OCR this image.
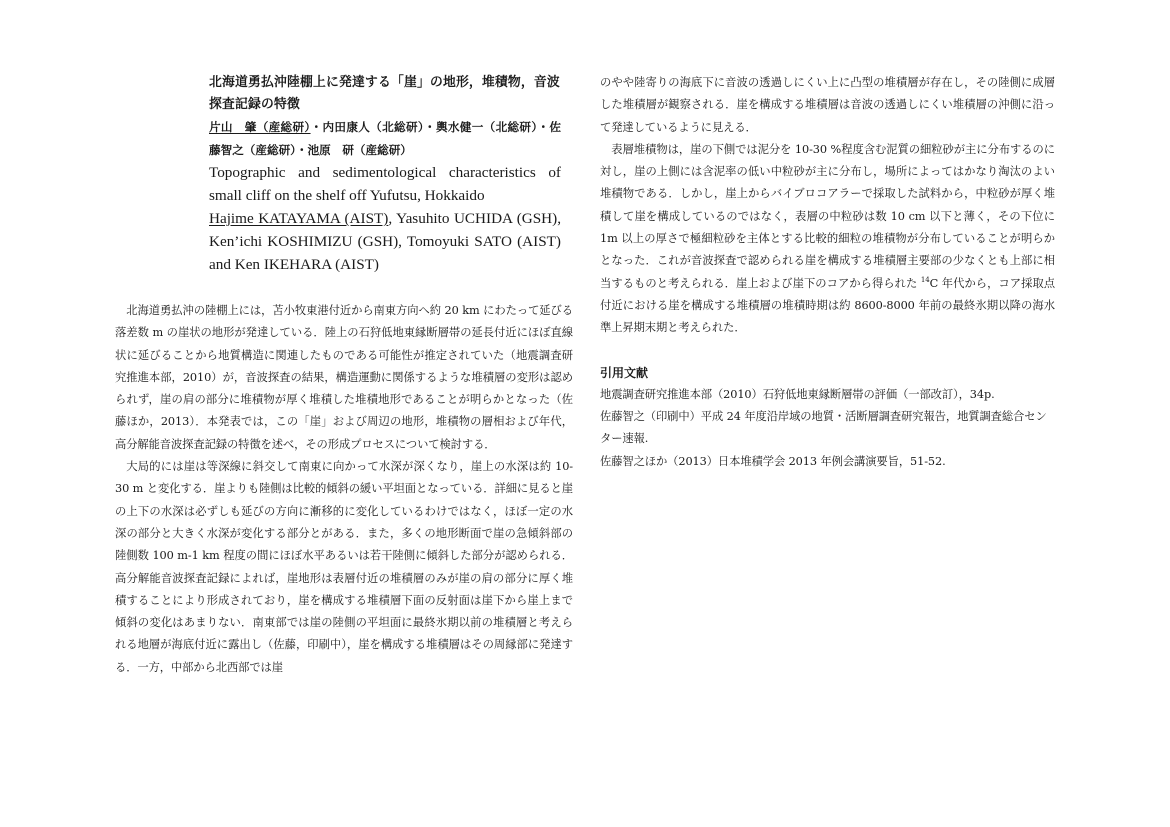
北海道勇払沖陸棚上に発達する「崖」の地形，堆積物，音波探査記録の特徴

片山　肇（産総研）・内田康人（北総研）・輿水健一（北総研）・佐藤智之（産総研）・池原　研（産総研）

Topographic and sedimentological characteristics of small cliff on the shelf off Yufutsu, Hokkaido

Hajime KATAYAMA (AIST), Yasuhito UCHIDA (GSH), Ken’ichi KOSHIMIZU (GSH), Tomoyuki SATO (AIST) and Ken IKEHARA (AIST)

北海道勇払沖の陸棚上には，苫小牧東港付近から南東方向へ約 20 km にわたって延びる落差数 m の崖状の地形が発達している．陸上の石狩低地東縁断層帯の延長付近にほぼ直線状に延びることから地質構造に関連したものである可能性が推定されていた（地震調査研究推進本部，2010）が，音波探査の結果，構造運動に関係するような堆積層の変形は認められず，崖の肩の部分に堆積物が厚く堆積した堆積地形であることが明らかとなった（佐藤ほか，2013）．本発表では，この「崖」および周辺の地形，堆積物の層相および年代，高分解能音波探査記録の特徴を述べ，その形成プロセスについて検討する．

大局的には崖は等深線に斜交して南東に向かって水深が深くなり，崖上の水深は約 10-30 m と変化する．崖よりも陸側は比較的傾斜の緩い平坦面となっている．詳細に見ると崖の上下の水深は必ずしも延びの方向に漸移的に変化しているわけではなく，ほぼ一定の水深の部分と大きく水深が変化する部分とがある．また，多くの地形断面で崖の急傾斜部の陸側数 100 m-1 km 程度の間にほぼ水平あるいは若干陸側に傾斜した部分が認められる．高分解能音波探査記録によれば，崖地形は表層付近の堆積層のみが崖の肩の部分に厚く堆積することにより形成されており，崖を構成する堆積層下面の反射面は崖下から崖上まで傾斜の変化はあまりない．南東部では崖の陸側の平坦面に最終氷期以前の堆積層と考えられる地層が海底付近に露出し（佐藤，印刷中），崖を構成する堆積層はその周縁部に発達する．一方，中部から北西部では崖

のやや陸寄りの海底下に音波の透過しにくい上に凸型の堆積層が存在し，その陸側に成層した堆積層が観察される．崖を構成する堆積層は音波の透過しにくい堆積層の沖側に沿って発達しているように見える．

表層堆積物は，崖の下側では泥分を 10-30 %程度含む泥質の細粒砂が主に分布するのに対し，崖の上側には含泥率の低い中粒砂が主に分布し，場所によってはかなり淘汰のよい堆積物である．しかし，崖上からバイブロコアラーで採取した試料から，中粒砂が厚く堆積して崖を構成しているのではなく，表層の中粒砂は数 10 cm 以下と薄く，その下位に 1m 以上の厚さで極細粒砂を主体とする比較的細粒の堆積物が分布していることが明らかとなった．これが音波探査で認められる崖を構成する堆積層主要部の少なくとも上部に相当するものと考えられる．崖上および崖下のコアから得られた $^{14}$C 年代から，コア採取点付近における崖を構成する堆積層の堆積時期は約 8600-8000 年前の最終氷期以降の海水準上昇期末期と考えられた．

引用文献

地震調査研究推進本部（2010）石狩低地東縁断層帯の評価（一部改訂），34p.

佐藤智之（印刷中）平成 24 年度沿岸域の地質・活断層調査研究報告，地質調査総合センター速報.

佐藤智之ほか（2013）日本堆積学会 2013 年例会講演要旨，51-52.
